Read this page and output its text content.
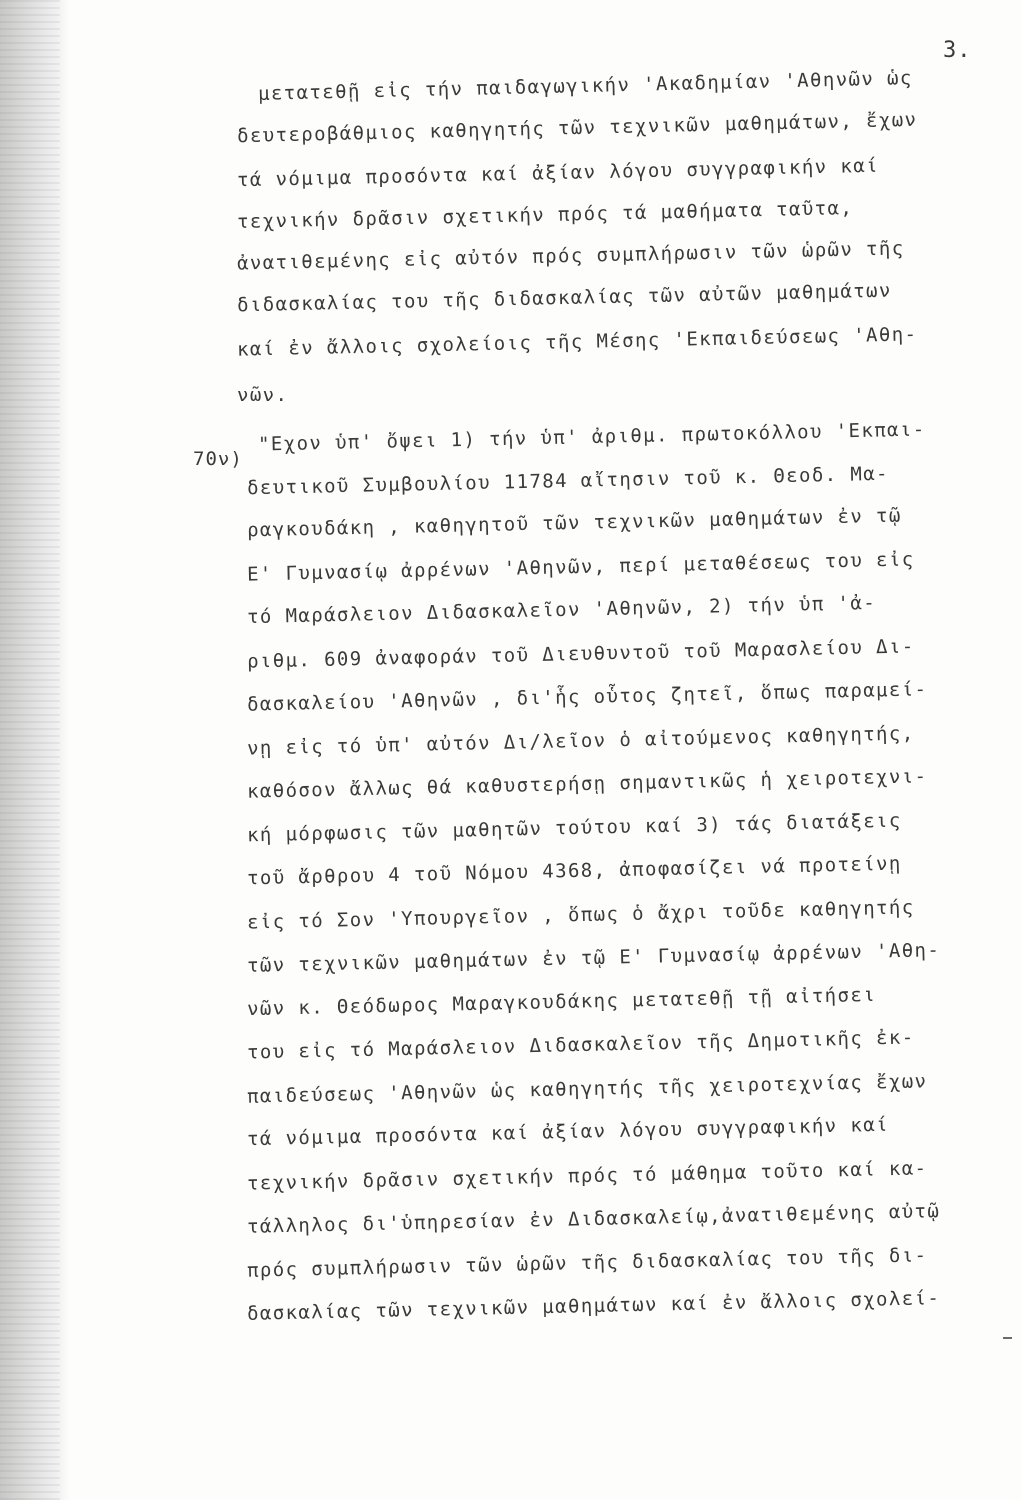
3.
70ν)
μετατεθῇ εἰς τήν παιδαγωγικήν 'Ακαδημίαν 'Αθηνῶν ὡς
δευτεροβάθμιος καθηγητής τῶν τεχνικῶν μαθημάτων, ἔχων
τά νόμιμα προσόντα καί ἀξίαν λόγου συγγραφικήν καί
τεχνικήν δρᾶσιν σχετικήν πρός τά μαθήματα ταῦτα,
ἀνατιθεμένης εἰς αὐτόν πρός συμπλήρωσιν τῶν ὡρῶν τῆς
διδασκαλίας του τῆς διδασκαλίας τῶν αὐτῶν μαθημάτων
καί ἐν ἄλλοις σχολείοις τῆς Μέσης 'Εκπαιδεύσεως 'Αθη-
νῶν.
"Εχον ὑπ' ὄψει 1) τήν ὑπ' ἀριθμ. πρωτοκόλλου 'Εκπαι-
δευτικοῦ Συμβουλίου 11784 αἴτησιν τοῦ κ. Θεοδ. Μα-
ραγκουδάκη , καθηγητοῦ τῶν τεχνικῶν μαθημάτων ἐν τῷ
Ε' Γυμνασίῳ ἀρρένων 'Αθηνῶν, περί μεταθέσεως του εἰς
τό Μαράσλειον Διδασκαλεῖον 'Αθηνῶν, 2) τήν ὑπ 'ἀ-
ριθμ. 609 ἀναφοράν τοῦ Διευθυντοῦ τοῦ Μαρασλείου Δι-
δασκαλείου 'Αθηνῶν , δι'ἧς οὗτος ζητεῖ, ὅπως παραμεί-
νῃ εἰς τό ὑπ' αὐτόν Δι/λεῖον ὁ αἰτούμενος καθηγητής,
καθόσον ἄλλως θά καθυστερήσῃ σημαντικῶς ἡ χειροτεχνι-
κή μόρφωσις τῶν μαθητῶν τούτου καί 3) τάς διατάξεις
τοῦ ἄρθρου 4 τοῦ Νόμου 4368, ἀποφασίζει νά προτείνῃ
εἰς τό Σον 'Υπουργεῖον , ὅπως ὁ ἄχρι τοῦδε καθηγητής
τῶν τεχνικῶν μαθημάτων ἐν τῷ Ε' Γυμνασίῳ ἀρρένων 'Αθη-
νῶν κ. Θεόδωρος Μαραγκουδάκης μετατεθῇ τῇ αἰτήσει
του εἰς τό Μαράσλειον Διδασκαλεῖον τῆς Δημοτικῆς ἐκ-
παιδεύσεως 'Αθηνῶν ὡς καθηγητής τῆς χειροτεχνίας ἔχων
τά νόμιμα προσόντα καί ἀξίαν λόγου συγγραφικήν καί
τεχνικήν δρᾶσιν σχετικήν πρός τό μάθημα τοῦτο καί κα-
τάλληλος δι'ὑπηρεσίαν ἐν Διδασκαλείῳ,ἀνατιθεμένης αὐτῷ
πρός συμπλήρωσιν τῶν ὡρῶν τῆς διδασκαλίας του τῆς δι-
δασκαλίας τῶν τεχνικῶν μαθημάτων καί ἐν ἄλλοις σχολεί-
